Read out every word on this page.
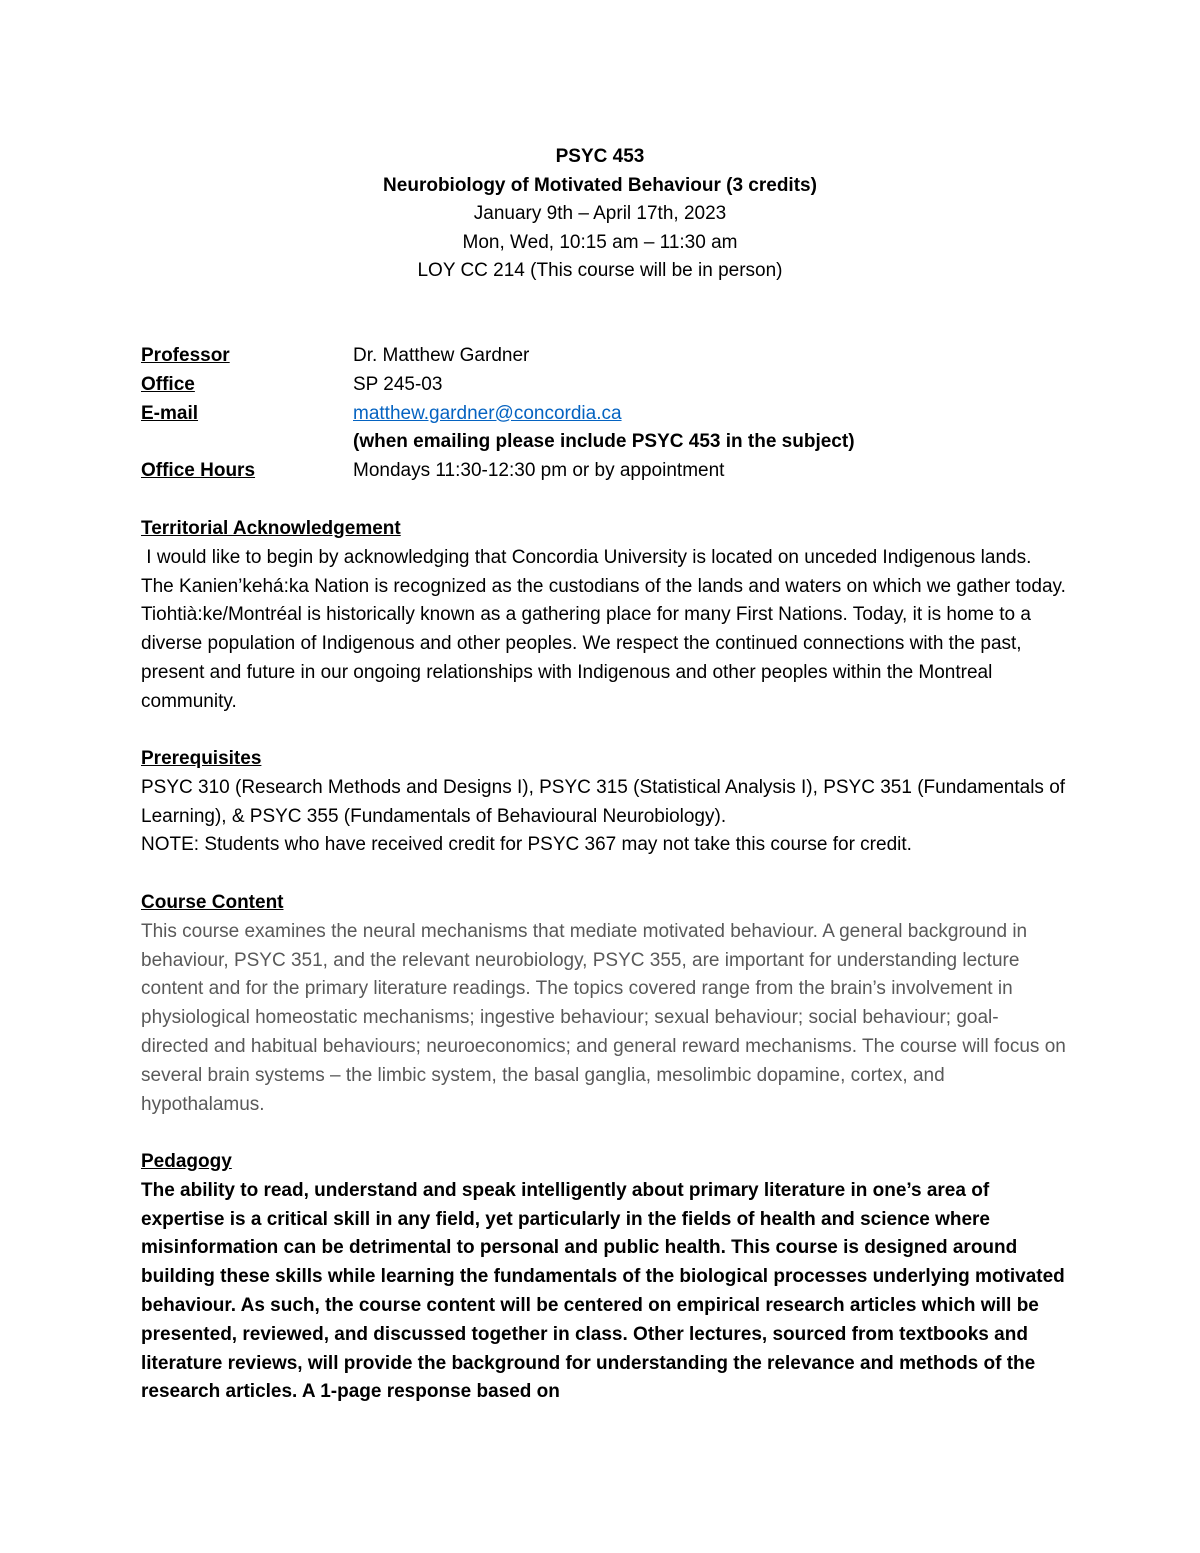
PSYC 453
Neurobiology of Motivated Behaviour (3 credits)
January 9th – April 17th, 2023
Mon, Wed, 10:15 am – 11:30 am
LOY CC 214 (This course will be in person)
Professor	Dr. Matthew Gardner
Office	SP 245-03
E-mail	matthew.gardner@concordia.ca
(when emailing please include PSYC 453 in the subject)
Office Hours	Mondays 11:30-12:30 pm or by appointment
Territorial Acknowledgement

I would like to begin by acknowledging that Concordia University is located on unceded Indigenous lands. The Kanien’kehá:ka Nation is recognized as the custodians of the lands and waters on which we gather today. Tiohtià:ke/Montréal is historically known as a gathering place for many First Nations. Today, it is home to a diverse population of Indigenous and other peoples. We respect the continued connections with the past, present and future in our ongoing relationships with Indigenous and other peoples within the Montreal community.

Prerequisites

PSYC 310 (Research Methods and Designs I), PSYC 315 (Statistical Analysis I), PSYC 351 (Fundamentals of Learning), & PSYC 355 (Fundamentals of Behavioural Neurobiology).

NOTE: Students who have received credit for PSYC 367 may not take this course for credit.

Course Content

This course examines the neural mechanisms that mediate motivated behaviour. A general background in behaviour, PSYC 351, and the relevant neurobiology, PSYC 355, are important for understanding lecture content and for the primary literature readings. The topics covered range from the brain’s involvement in physiological homeostatic mechanisms; ingestive behaviour; sexual behaviour; social behaviour; goal-directed and habitual behaviours; neuroeconomics; and general reward mechanisms. The course will focus on several brain systems – the limbic system, the basal ganglia, mesolimbic dopamine, cortex, and hypothalamus.

Pedagogy

The ability to read, understand and speak intelligently about primary literature in one’s area of expertise is a critical skill in any field, yet particularly in the fields of health and science where misinformation can be detrimental to personal and public health. This course is designed around building these skills while learning the fundamentals of the biological processes underlying motivated behaviour. As such, the course content will be centered on empirical research articles which will be presented, reviewed, and discussed together in class. Other lectures, sourced from textbooks and literature reviews, will provide the background for understanding the relevance and methods of the research articles. A 1-page response based on
